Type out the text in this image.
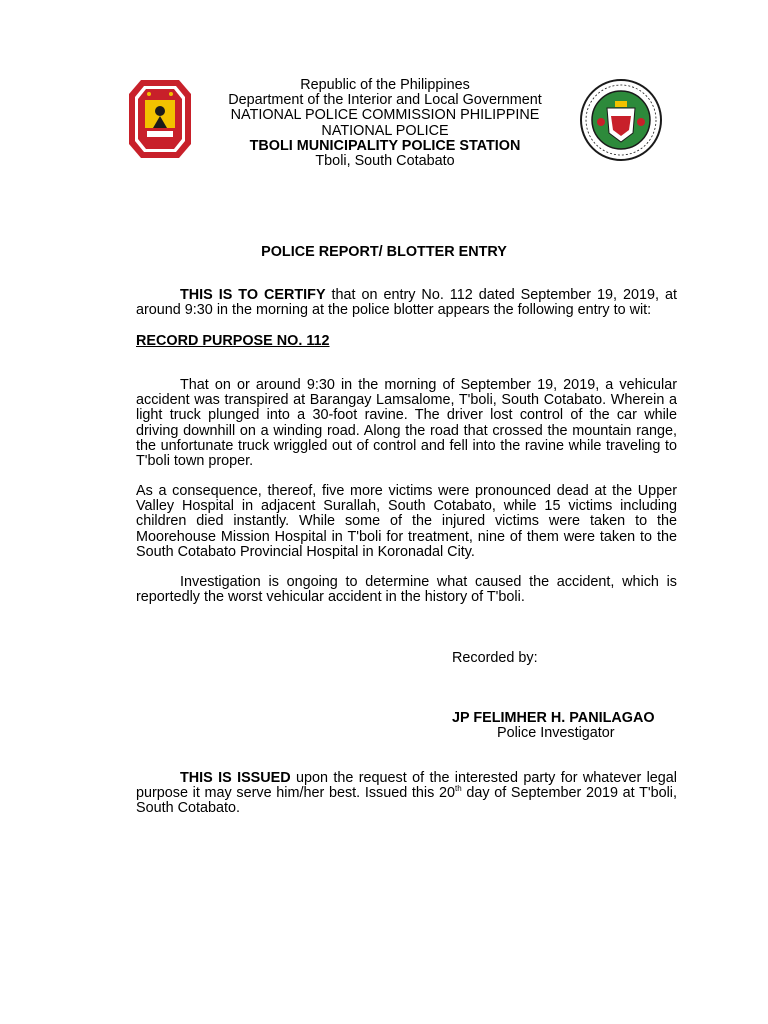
Republic of the Philippines
Department of the Interior and Local Government
NATIONAL POLICE COMMISSION PHILIPPINE
NATIONAL POLICE
TBOLI MUNICIPALITY POLICE STATION
Tboli, South Cotabato
POLICE REPORT/ BLOTTER ENTRY
THIS IS TO CERTIFY that on entry No. 112 dated September 19, 2019, at around 9:30 in the morning at the police blotter appears the following entry to wit:
RECORD PURPOSE NO. 112
That on or around 9:30 in the morning of September 19, 2019, a vehicular accident was transpired at Barangay Lamsalome, T'boli, South Cotabato. Wherein a light truck plunged into a 30-foot ravine. The driver lost control of the car while driving downhill on a winding road. Along the road that crossed the mountain range, the unfortunate truck wriggled out of control and fell into the ravine while traveling to T'boli town proper.
As a consequence, thereof, five more victims were pronounced dead at the Upper Valley Hospital in adjacent Surallah, South Cotabato, while 15 victims including children died instantly. While some of the injured victims were taken to the Moorehouse Mission Hospital in T'boli for treatment, nine of them were taken to the South Cotabato Provincial Hospital in Koronadal City.
Investigation is ongoing to determine what caused the accident, which is reportedly the worst vehicular accident in the history of T'boli.
Recorded by:
JP FELIMHER H. PANILAGAO
Police Investigator
THIS IS ISSUED upon the request of the interested party for whatever legal purpose it may serve him/her best. Issued this 20th day of September 2019 at T'boli, South Cotabato.
